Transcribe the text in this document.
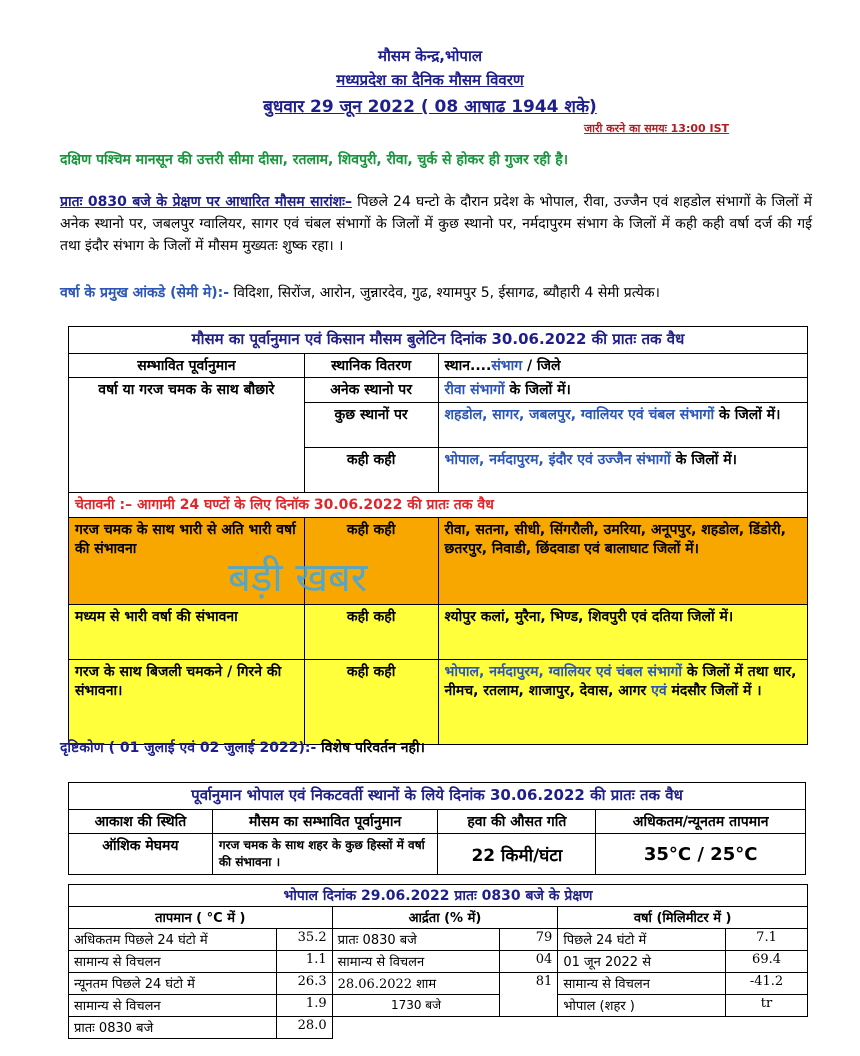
मौसम केन्द्र,भोपाल
मध्यप्रदेश का दैनिक मौसम विवरण
बुधवार 29 जून 2022 ( 08 आषाढ 1944 शके)
जारी करने का समयः 13:00 IST
दक्षिण पश्चिम मानसून की उत्तरी सीमा दीसा, रतलाम, शिवपुरी, रीवा, चुर्क से होकर ही गुजर रही है।
प्रातः 0830 बजे के प्रेक्षण पर आधारित मौसम सारांशः– पिछले 24 घन्टो के दौरान प्रदेश के भोपाल, रीवा, उज्जैन एवं शहडोल संभागों के जिलों में अनेक स्थानो पर, जबलपुर ग्वालियर, सागर एवं चंबल संभागों के जिलों में कुछ स्थानो पर, नर्मदापुरम संभाग के जिलों में कही कही वर्षा दर्ज की गई तथा इंदौर संभाग के जिलों में मौसम मुख्यतः शुष्क रहा। ।
वर्षा के प्रमुख आंकडे (सेमी मे):- विदिशा, सिरोंज, आरोन, जुन्नारदेव, गुढ, श्यामपुर 5, ईसागढ, ब्यौहारी 4 सेमी प्रत्येक।
मौसम का पूर्वानुमान एवं किसान मौसम बुलेटिन दिनांक 30.06.2022 की प्रातः तक वैध		
सम्भावित पूर्वानुमान	स्थानिक वितरण	स्थान....संभाग / जिले
वर्षा या गरज चमक के साथ बौछारे	अनेक स्थानो पर	रीवा संभागों के जिलों में।
	कुछ स्थानों पर	शहडोल, सागर, जबलपुर, ग्वालियर एवं चंबल संभागों के जिलों में।
	कही कही	भोपाल, नर्मदापुरम, इंदौर एवं उज्जैन संभागों के जिलों में।
चेतावनी :– आगामी 24 घण्टों के लिए दिनॉक 30.06.2022 की प्रातः तक वैध		
गरज चमक के साथ भारी से अति भारी वर्षा की संभावना	कही कही	रीवा, सतना, सीधी, सिंगरौली, उमरिया, अनूपपुर, शहडोल, डिंडोरी, छतरपुर, निवाडी, छिंदवाडा एवं बालाघाट जिलों में।
मध्यम से भारी वर्षा की संभावना	कही कही	श्योपुर कलां, मुरैना, भिण्ड, शिवपुरी एवं दतिया जिलों में।
गरज के साथ बिजली चमकने / गिरने की संभावना।	कही कही	भोपाल, नर्मदापुरम, ग्वालियर एवं चंबल संभागों के जिलों में तथा धार, नीमच, रतलाम, शाजापुर, देवास, आगर एवं मंदसौर जिलों में ।
बड़ी खबर
दृष्टिकोण ( 01 जुलाई एवं 02 जुलाई 2022):- विशेष परिवर्तन नही।
पूर्वानुमान भोपाल एवं निकटवर्ती स्थानों के लिये दिनांक 30.06.2022 की प्रातः तक वैध			
आकाश की स्थिति	मौसम का सम्भावित पूर्वानुमान	हवा की औसत गति	अधिकतम/न्यूनतम तापमान
ऑशिक मेघमय	गरज चमक के साथ शहर के कुछ हिस्सों में वर्षा की संभावना ।	22 किमी/घंटा	35°C / 25°C
भोपाल दिनांक 29.06.2022 प्रातः 0830 बजे के प्रेक्षण					
तापमान ( °C में )		आर्द्रता (% में)		वर्षा (मिलिमीटर में )	
अधिकतम पिछले 24 घंटो में	35.2	प्रातः 0830 बजे	79	पिछले 24 घंटो में	7.1
सामान्य से विचलन	1.1	सामान्य से विचलन	04	01 जून 2022 से	69.4
न्यूनतम पिछले 24 घंटो में	26.3	28.06.2022 शाम	81	सामान्य से विचलन	-41.2
सामान्य से विचलन	1.9	1730 बजे		भोपाल (शहर )	tr
प्रातः 0830 बजे	28.0				
